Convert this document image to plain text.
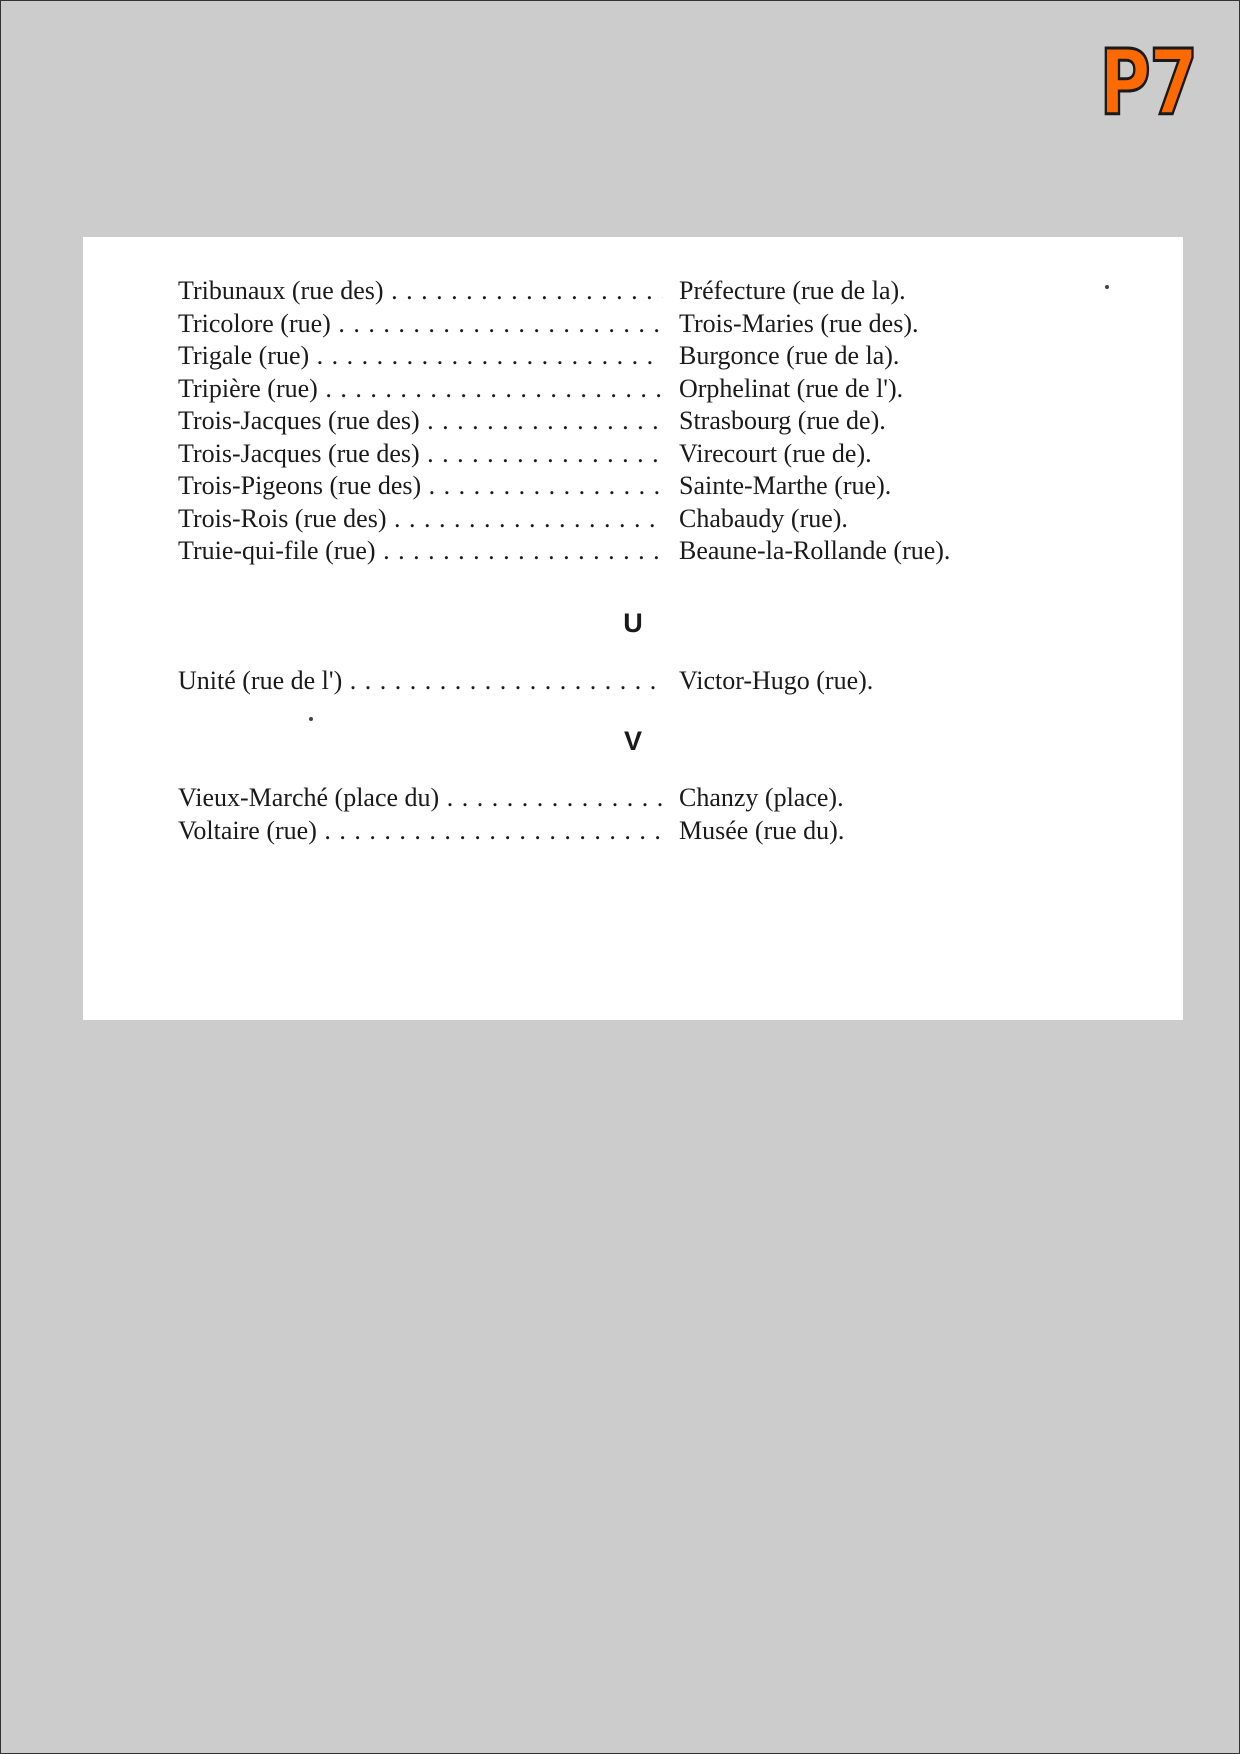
P7
Tribunaux (rue des) . . .	Préfecture (rue de la).
Tricolore (rue) . . .	Trois-Maries (rue des).
Trigale (rue) . . .	Burgonce (rue de la).
Tripière (rue) . . .	Orphelinat (rue de l').
Trois-Jacques (rue des) . . .	Strasbourg (rue de).
Trois-Jacques (rue des) . . .	Virecourt (rue de).
Trois-Pigeons (rue des) . . .	Sainte-Marthe (rue).
Trois-Rois (rue des) . . .	Chabaudy (rue).
Truie-qui-file (rue) . . .	Beaune-la-Rollande (rue).
U
Unité (rue de l') . . .	Victor-Hugo (rue).
V
Vieux-Marché (place du) . . .	Chanzy (place).
Voltaire (rue) . . .	Musée (rue du).
